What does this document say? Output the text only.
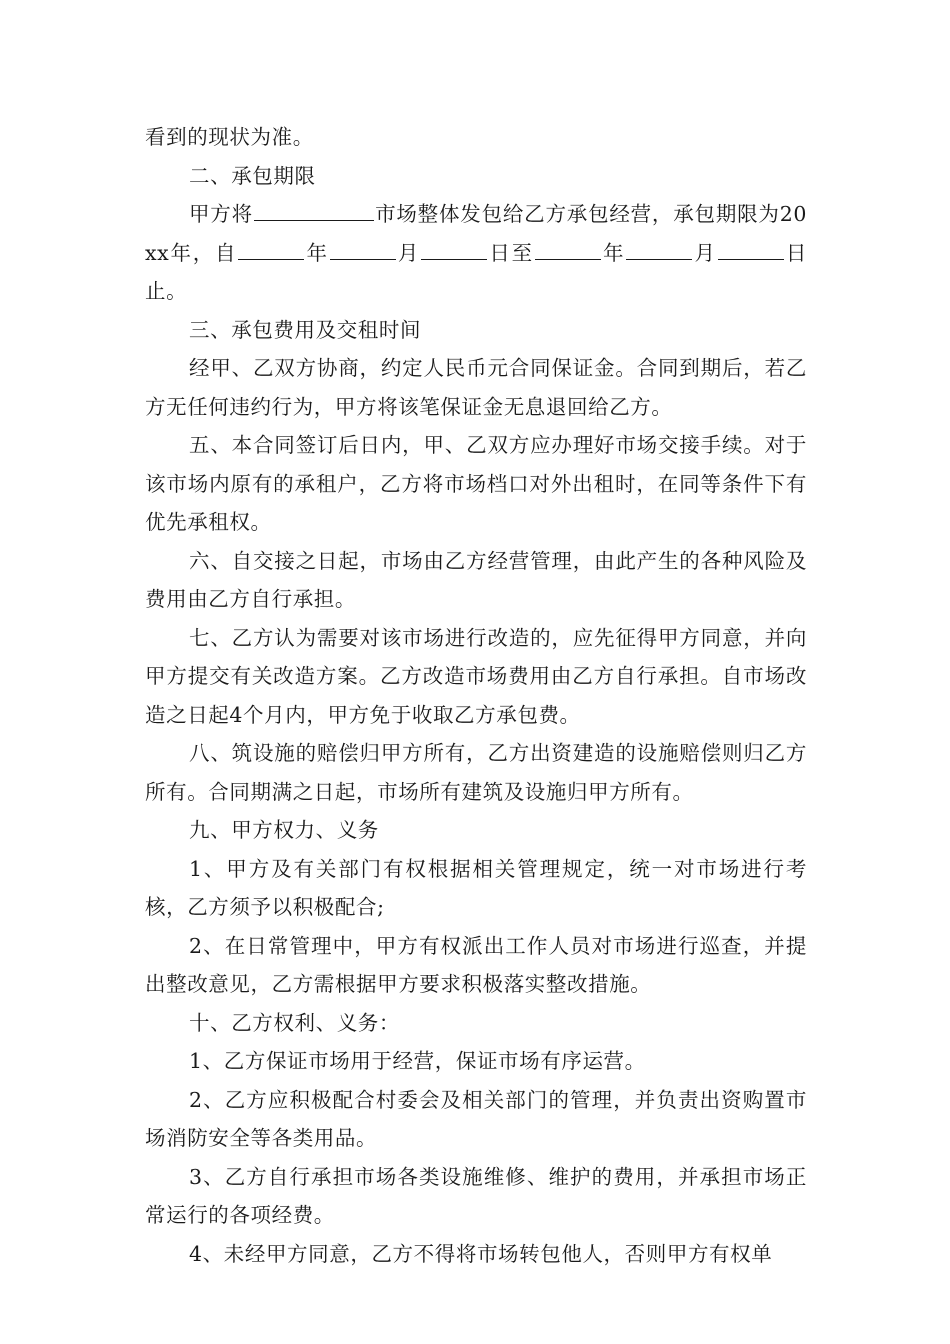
看到的现状为准。

二、承包期限

甲方将	市场整体发包给乙方承包经营，承包期限为20xx年，自	年	月	日至	年	月	日止。

三、承包费用及交租时间

经甲、乙双方协商，约定人民币元合同保证金。合同到期后，若乙方无任何违约行为，甲方将该笔保证金无息退回给乙方。

五、本合同签订后日内，甲、乙双方应办理好市场交接手续。对于该市场内原有的承租户，乙方将市场档口对外出租时，在同等条件下有优先承租权。

六、自交接之日起，市场由乙方经营管理，由此产生的各种风险及费用由乙方自行承担。

七、乙方认为需要对该市场进行改造的，应先征得甲方同意，并向甲方提交有关改造方案。乙方改造市场费用由乙方自行承担。自市场改造之日起4个月内，甲方免于收取乙方承包费。

八、筑设施的赔偿归甲方所有，乙方出资建造的设施赔偿则归乙方所有。合同期满之日起，市场所有建筑及设施归甲方所有。

九、甲方权力、义务

1、甲方及有关部门有权根据相关管理规定，统一对市场进行考核，乙方须予以积极配合;

2、在日常管理中，甲方有权派出工作人员对市场进行巡查，并提出整改意见，乙方需根据甲方要求积极落实整改措施。

十、乙方权利、义务：

1、乙方保证市场用于经营，保证市场有序运营。

2、乙方应积极配合村委会及相关部门的管理，并负责出资购置市场消防安全等各类用品。

3、乙方自行承担市场各类设施维修、维护的费用，并承担市场正常运行的各项经费。

4、未经甲方同意，乙方不得将市场转包他人，否则甲方有权单
